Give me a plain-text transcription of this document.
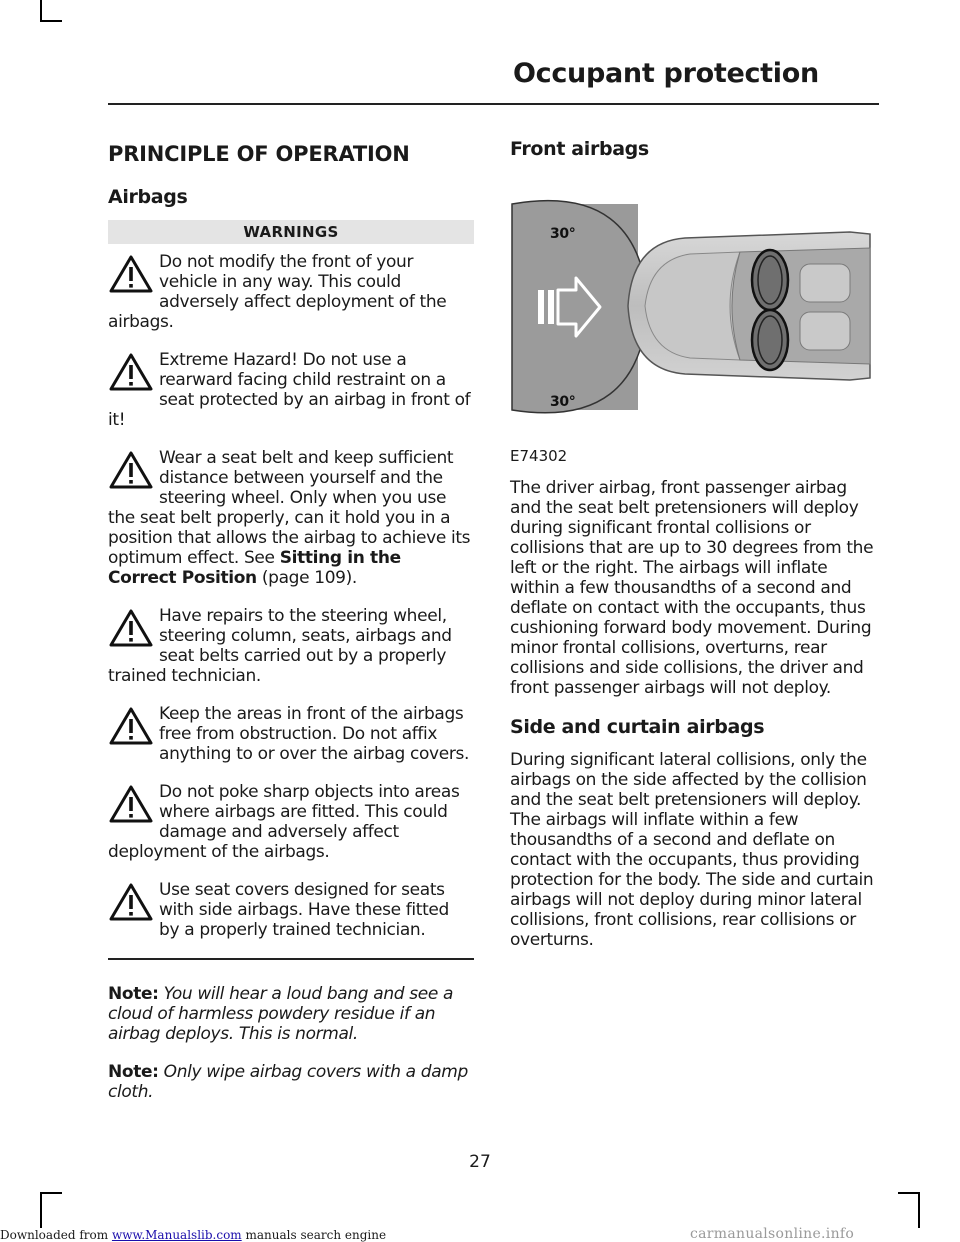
Occupant protection
PRINCIPLE OF OPERATION
Airbags
WARNINGS

Do not modify the front of your vehicle in any way. This could adversely affect deployment of the airbags.

Extreme Hazard! Do not use a rearward facing child restraint on a seat protected by an airbag in front of it!

Wear a seat belt and keep sufficient distance between yourself and the steering wheel. Only when you use the seat belt properly, can it hold you in a position that allows the airbag to achieve its optimum effect. See Sitting in the Correct Position (page 109).

Have repairs to the steering wheel, steering column, seats, airbags and seat belts carried out by a properly trained technician.

Keep the areas in front of the airbags free from obstruction. Do not affix anything to or over the airbag covers.

Do not poke sharp objects into areas where airbags are fitted. This could damage and adversely affect deployment of the airbags.

Use seat covers designed for seats with side airbags. Have these fitted by a properly trained technician.

Note: You will hear a loud bang and see a cloud of harmless powdery residue if an airbag deploys. This is normal.

Note: Only wipe airbag covers with a damp cloth.

Front airbags
30°
30°

E74302

The driver airbag, front passenger airbag and the seat belt pretensioners will deploy during significant frontal collisions or collisions that are up to 30 degrees from the left or the right. The airbags will inflate within a few thousandths of a second and deflate on contact with the occupants, thus cushioning forward body movement. During minor frontal collisions, overturns, rear collisions and side collisions, the driver and front passenger airbags will not deploy.

Side and curtain airbags

During significant lateral collisions, only the airbags on the side affected by the collision and the seat belt pretensioners will deploy. The airbags will inflate within a few thousandths of a second and deflate on contact with the occupants, thus providing protection for the body. The side and curtain airbags will not deploy during minor lateral collisions, front collisions, rear collisions or overturns.

27
Downloaded from www.Manualslib.com manuals search engine	carmanualsonline.info
